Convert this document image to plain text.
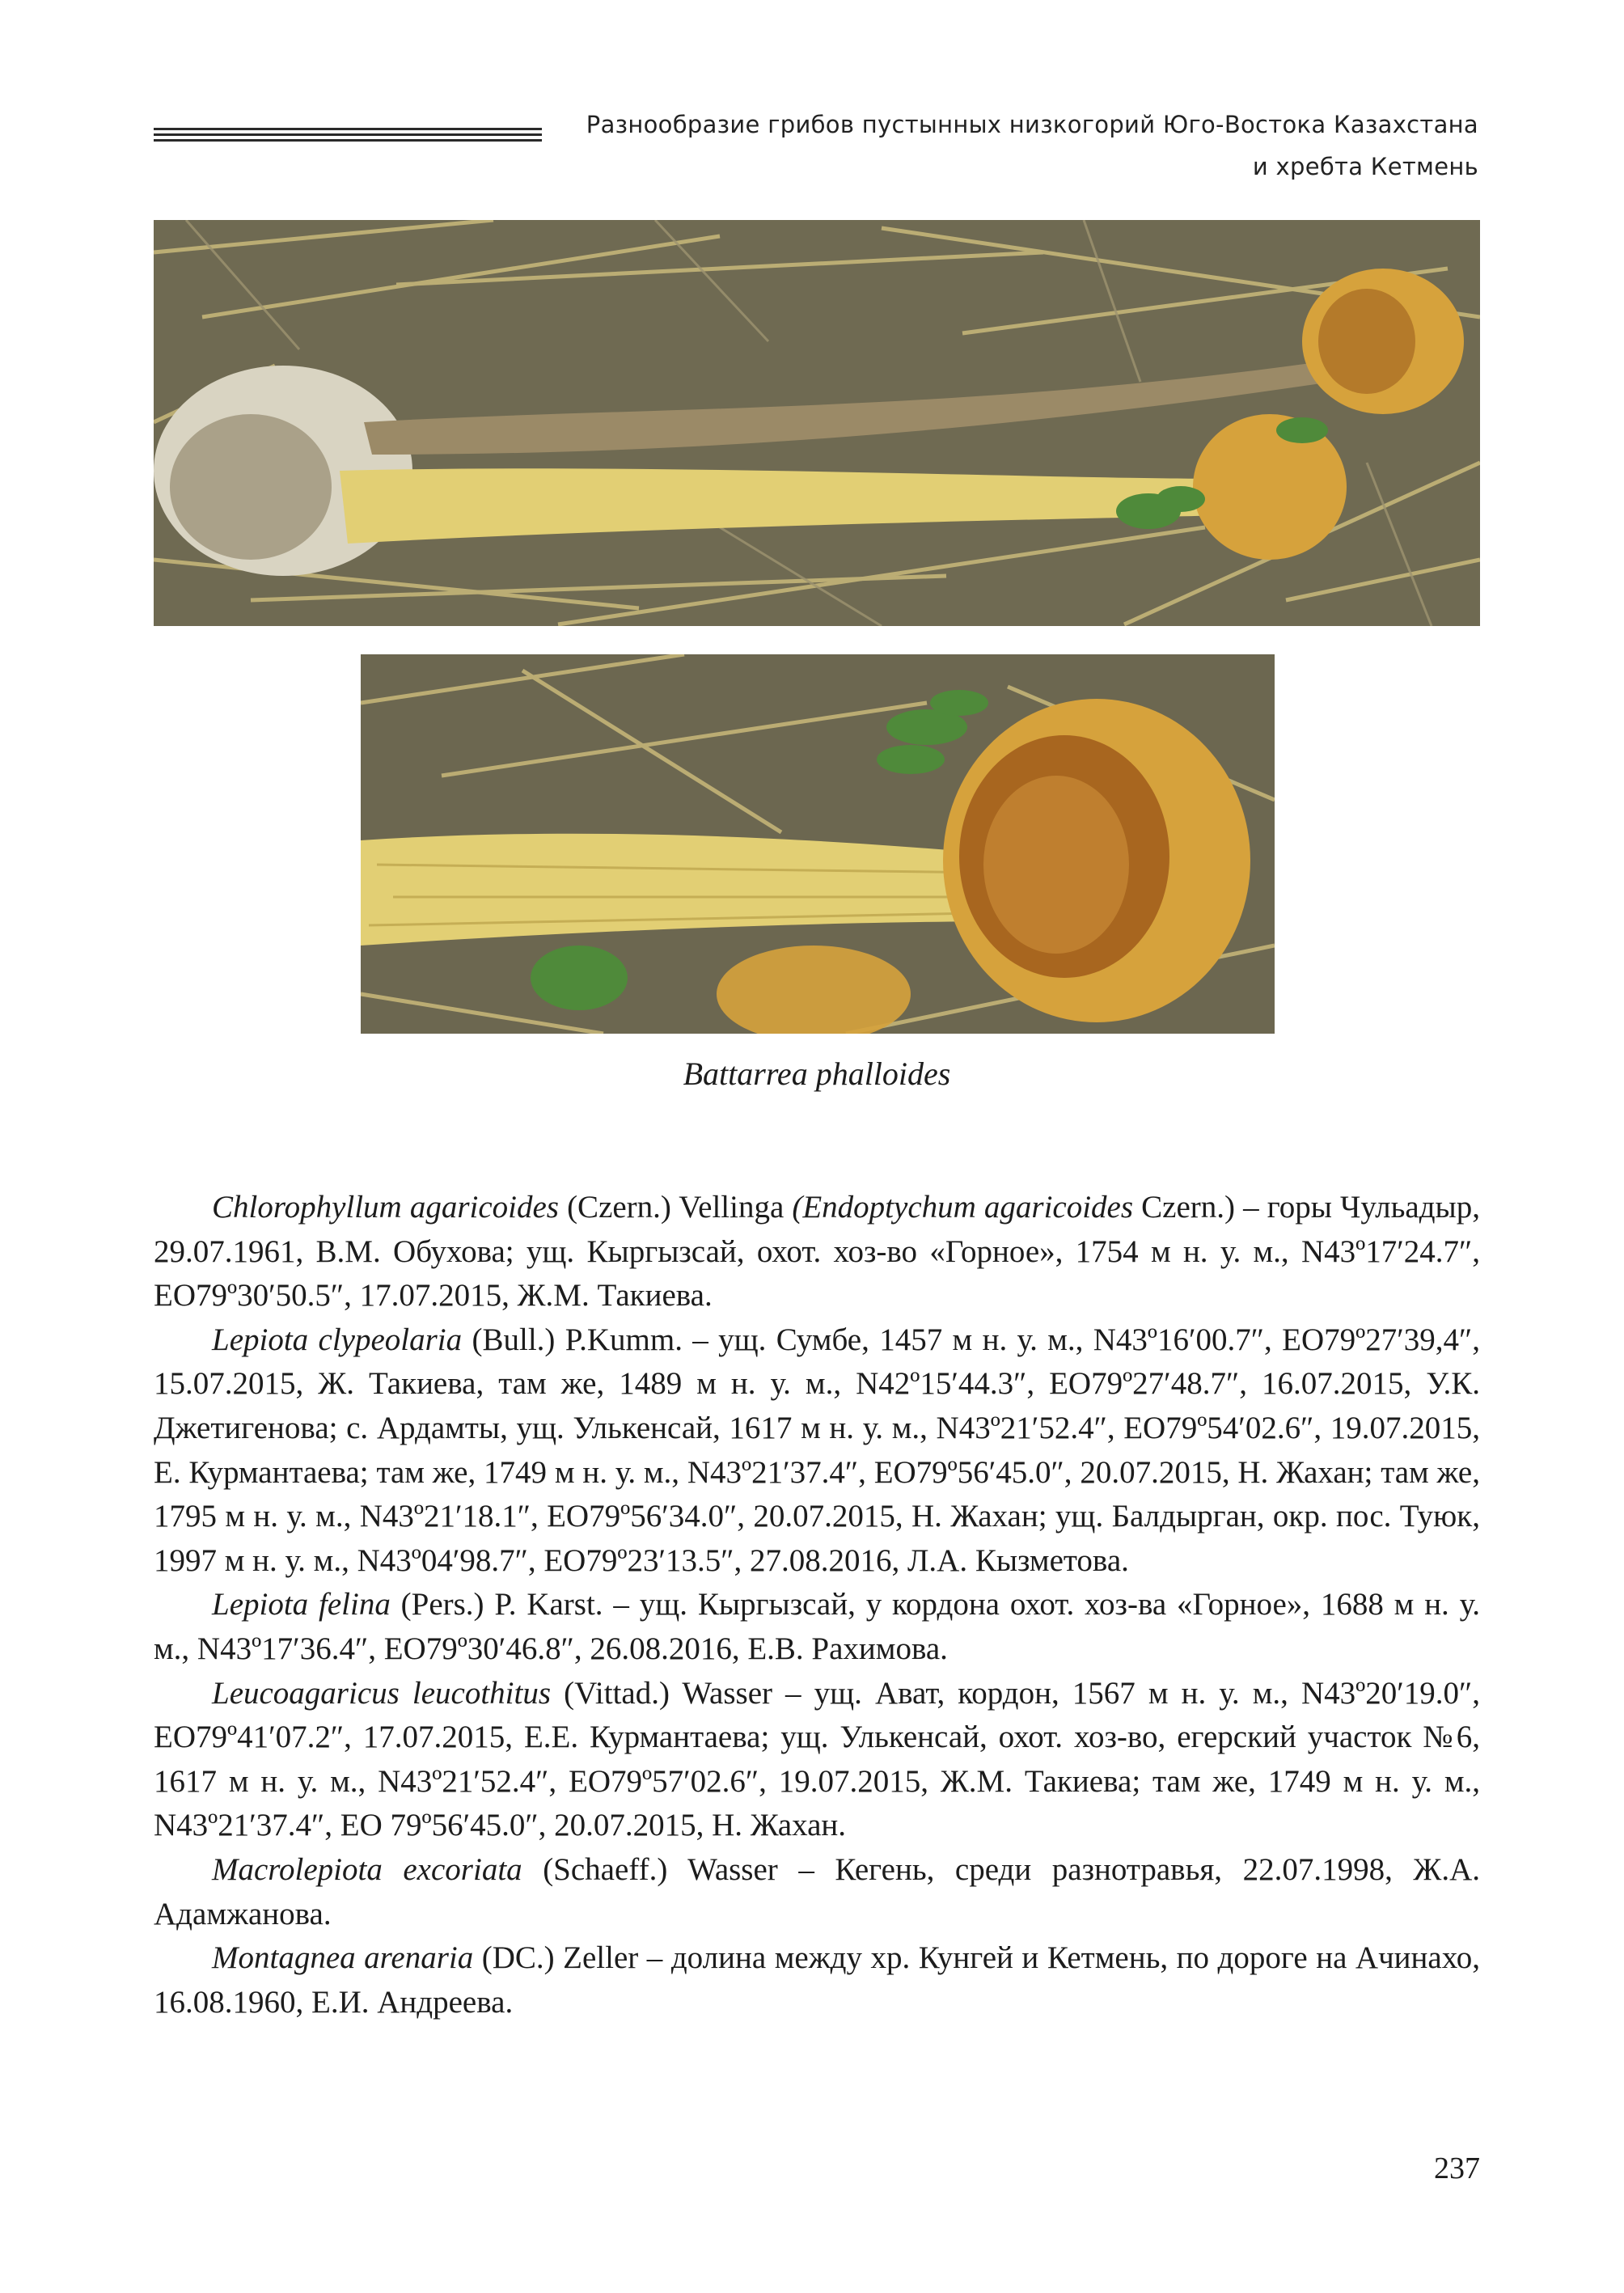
Разнообразие грибов пустынных низкогорий Юго-Востока Казахстана
и хребта Кетмень
Battarrea phalloides

Chlorophyllum agaricoides (Czern.) Vellinga (Endoptychum agaricoides Czern.) – горы Чульадыр, 29.07.1961, В.М. Обухова; ущ. Кыргызсай, охот. хоз-во «Горное», 1754 м н. у. м., N43º17′24.7″, EO79º30′50.5″, 17.07.2015, Ж.М. Такиева.

Lepiota clypeolaria (Bull.) P.Kumm. – ущ. Сумбе, 1457 м н. у. м., N43º16′00.7″, EO79º27′39,4″, 15.07.2015, Ж. Такиева, там же, 1489 м н. у. м., N42º15′44.3″, EO79º27′48.7″, 16.07.2015, У.К. Джетигенова; с. Ардамты, ущ. Улькенсай, 1617 м н. у. м., N43º21′52.4″, EO79º54′02.6″, 19.07.2015, Е. Курмантаева; там же, 1749 м н. у. м., N43º21′37.4″, EO79º56′45.0″, 20.07.2015, Н. Жахан; там же, 1795 м н. у. м., N43º21′18.1″, EO79º56′34.0″, 20.07.2015, Н. Жахан; ущ. Балдырган, окр. пос. Туюк, 1997 м н. у. м., N43º04′98.7″, EO79º23′13.5″, 27.08.2016, Л.А. Кызметова.

Lepiota felina (Pers.) P. Karst. – ущ. Кыргызсай, у кордона охот. хоз-ва «Горное», 1688 м н. у. м., N43º17′36.4″, EO79º30′46.8″, 26.08.2016, Е.В. Рахимова.

Leucoagaricus leucothitus (Vittad.) Wasser – ущ. Ават, кордон, 1567 м н. у. м., N43º20′19.0″, EO79º41′07.2″, 17.07.2015, Е.Е. Курмантаева; ущ. Улькенсай, охот. хоз-во, егерский участок №6, 1617 м н. у. м., N43º21′52.4″, EO79º57′02.6″, 19.07.2015, Ж.М. Такиева; там же, 1749 м н. у. м., N43º21′37.4″, EO 79º56′45.0″, 20.07.2015, Н. Жахан.

Macrolepiota excoriata (Schaeff.) Wasser – Кегень, среди разнотравья, 22.07.1998, Ж.А. Адамжанова.

Montagnea arenaria (DC.) Zeller – долина между хр. Кунгей и Кетмень, по дороге на Ачинахо, 16.08.1960, Е.И. Андреева.

237
